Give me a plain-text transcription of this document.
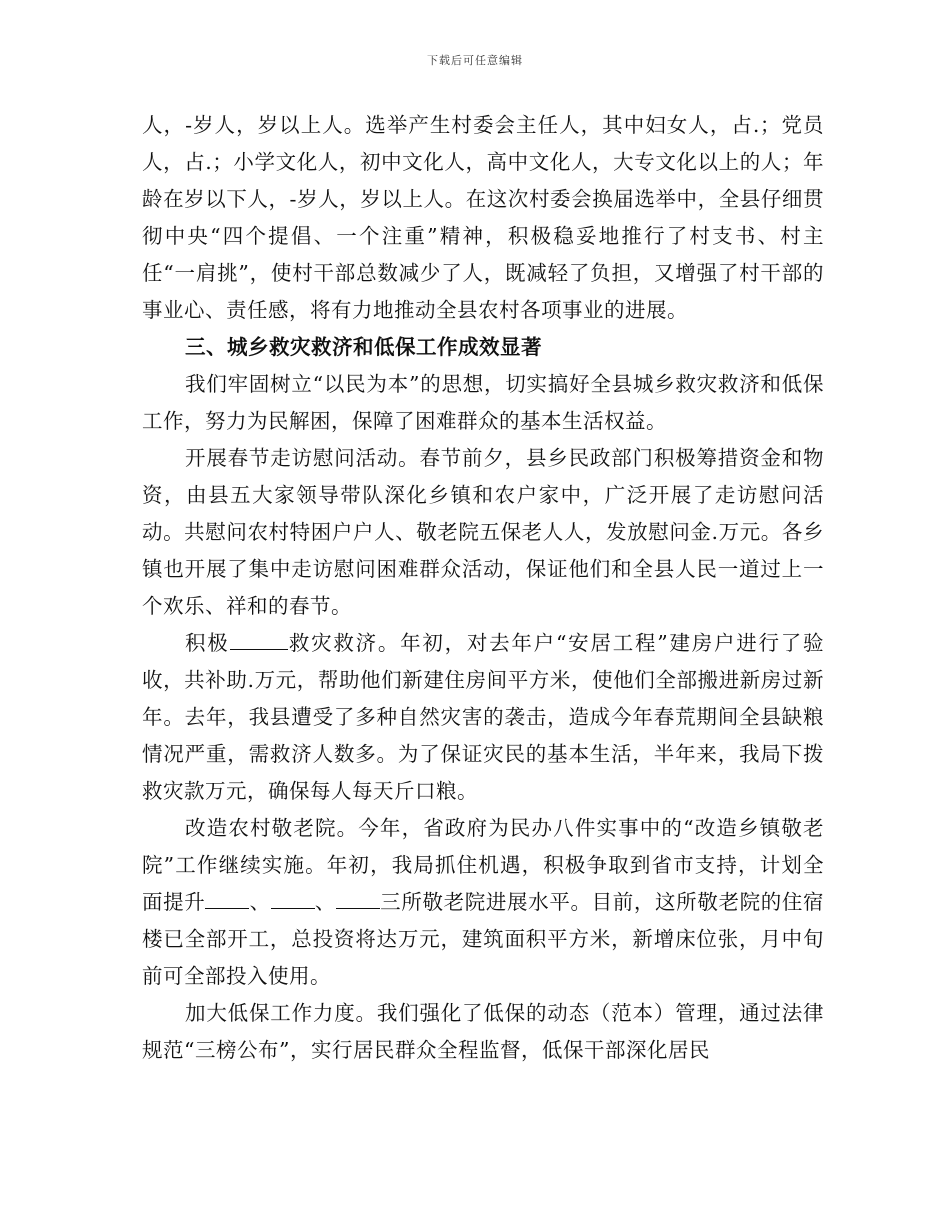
下载后可任意编辑

人，-岁人，岁以上人。选举产生村委会主任人，其中妇女人，占.；党员人，占.；小学文化人，初中文化人，高中文化人，大专文化以上的人；年龄在岁以下人，-岁人，岁以上人。在这次村委会换届选举中，全县仔细贯彻中央“四个提倡、一个注重”精神，积极稳妥地推行了村支书、村主任“一肩挑”，使村干部总数减少了人，既减轻了负担，又增强了村干部的事业心、责任感，将有力地推动全县农村各项事业的进展。

三、城乡救灾救济和低保工作成效显著

我们牢固树立“以民为本”的思想，切实搞好全县城乡救灾救济和低保工作，努力为民解困，保障了困难群众的基本生活权益。

开展春节走访慰问活动。春节前夕，县乡民政部门积极筹措资金和物资，由县五大家领导带队深化乡镇和农户家中，广泛开展了走访慰问活动。共慰问农村特困户户人、敬老院五保老人人，发放慰问金.万元。各乡镇也开展了集中走访慰问困难群众活动，保证他们和全县人民一道过上一个欢乐、祥和的春节。

积极	救灾救济。年初，对去年户“安居工程”建房户进行了验收，共补助.万元，帮助他们新建住房间平方米，使他们全部搬进新房过新年。去年，我县遭受了多种自然灾害的袭击，造成今年春荒期间全县缺粮情况严重，需救济人数多。为了保证灾民的基本生活，半年来，我局下拨救灾款万元，确保每人每天斤口粮。

改造农村敬老院。今年，省政府为民办八件实事中的“改造乡镇敬老院”工作继续实施。年初，我局抓住机遇，积极争取到省市支持，计划全面提升 、 、 三所敬老院进展水平。目前，这所敬老院的住宿楼已全部开工，总投资将达万元，建筑面积平方米，新增床位张，月中旬前可全部投入使用。

加大低保工作力度。我们强化了低保的动态（范本）管理，通过法律规范“三榜公布”，实行居民群众全程监督，低保干部深化居民
